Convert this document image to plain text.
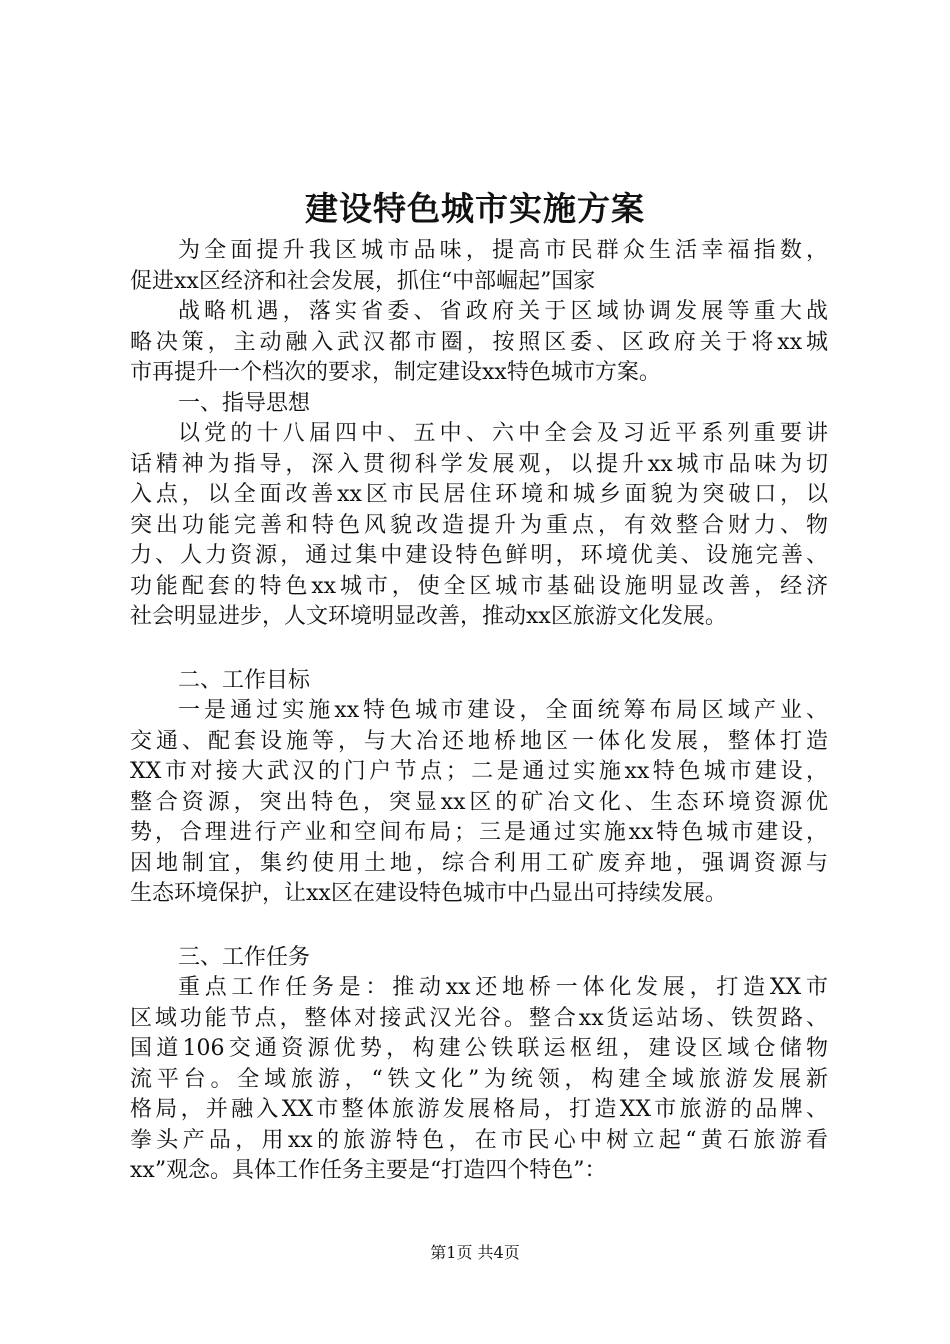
建设特色城市实施方案
为全面提升我区城市品味，提高市民群众生活幸福指数，
促进xx区经济和社会发展，抓住“中部崛起”国家
战略机遇，落实省委、省政府关于区域协调发展等重大战
略决策，主动融入武汉都市圈，按照区委、区政府关于将xx城
市再提升一个档次的要求，制定建设xx特色城市方案。
一、指导思想
以党的十八届四中、五中、六中全会及习近平系列重要讲
话精神为指导，深入贯彻科学发展观，以提升xx城市品味为切
入点，以全面改善xx区市民居住环境和城乡面貌为突破口，以
突出功能完善和特色风貌改造提升为重点，有效整合财力、物
力、人力资源，通过集中建设特色鲜明，环境优美、设施完善、
功能配套的特色xx城市，使全区城市基础设施明显改善，经济
社会明显进步，人文环境明显改善，推动xx区旅游文化发展。
二、工作目标
一是通过实施xx特色城市建设，全面统筹布局区域产业、
交通、配套设施等，与大冶还地桥地区一体化发展，整体打造
XX市对接大武汉的门户节点；二是通过实施xx特色城市建设，
整合资源，突出特色，突显xx区的矿冶文化、生态环境资源优
势，合理进行产业和空间布局；三是通过实施xx特色城市建设，
因地制宜，集约使用土地，综合利用工矿废弃地，强调资源与
生态环境保护，让xx区在建设特色城市中凸显出可持续发展。
三、工作任务
重点工作任务是：推动xx还地桥一体化发展，打造XX市
区域功能节点，整体对接武汉光谷。整合xx货运站场、铁贺路、
国道106交通资源优势，构建公铁联运枢纽，建设区域仓储物
流平台。全域旅游，“铁文化”为统领，构建全域旅游发展新
格局，并融入XX市整体旅游发展格局，打造XX市旅游的品牌、
拳头产品，用xx的旅游特色，在市民心中树立起“黄石旅游看
xx”观念。具体工作任务主要是“打造四个特色”：
第1页 共4页
